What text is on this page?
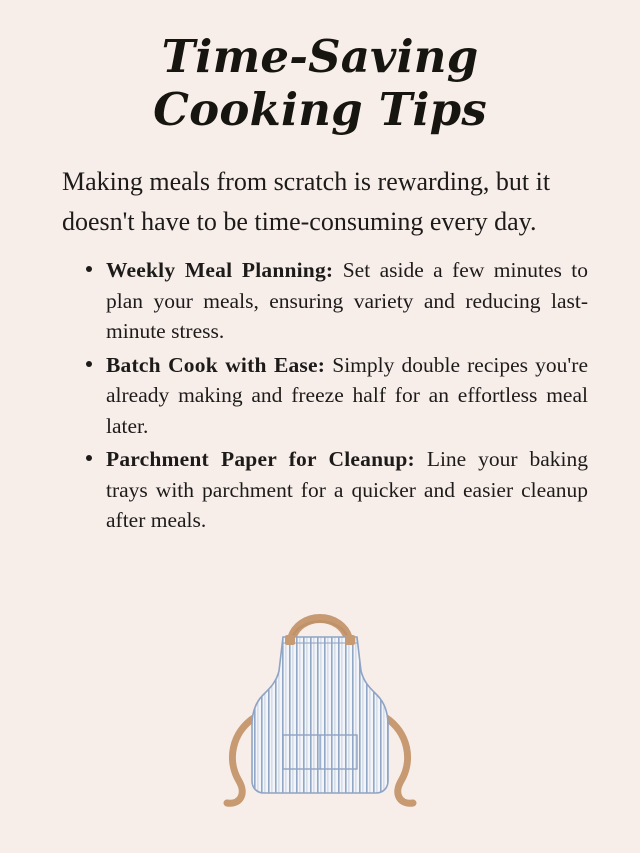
Time-Saving
Cooking Tips

Making meals from scratch is rewarding, but it doesn't have to be time-consuming every day.

Weekly Meal Planning: Set aside a few minutes to plan your meals, ensuring variety and reducing last-minute stress.
Batch Cook with Ease: Simply double recipes you're already making and freeze half for an effortless meal later.
Parchment Paper for Cleanup: Line your baking trays with parchment for a quicker and easier cleanup after meals.
